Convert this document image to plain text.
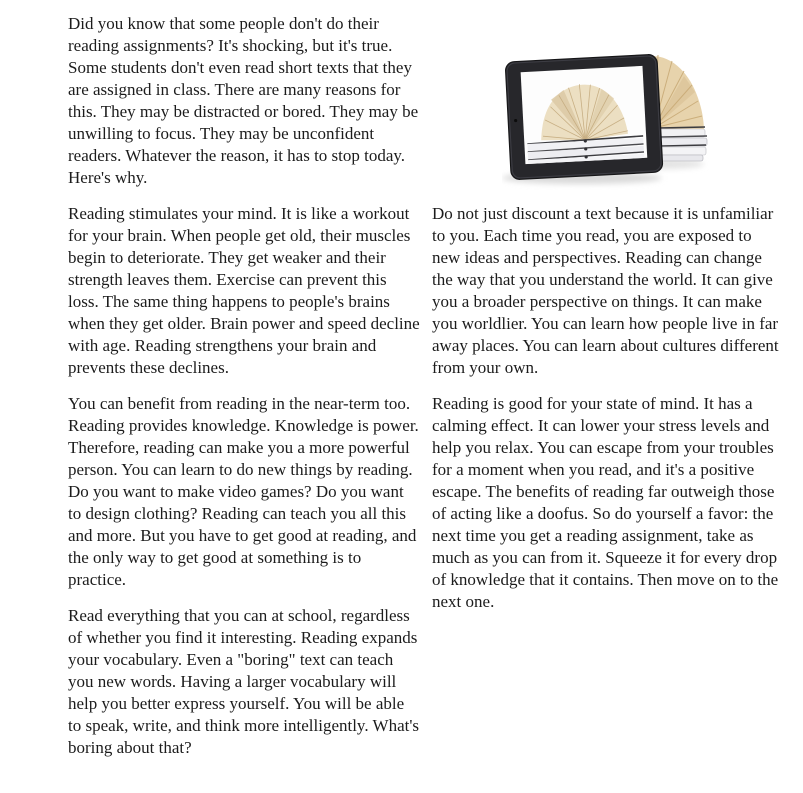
Did you know that some people don't do their reading assignments? It's shocking, but it's true. Some students don't even read short texts that they are assigned in class. There are many reasons for this. They may be distracted or bored. They may be unwilling to focus. They may be unconfident readers. Whatever the reason, it has to stop today. Here's why.

Reading stimulates your mind. It is like a workout for your brain. When people get old, their muscles begin to deteriorate. They get weaker and their strength leaves them. Exercise can prevent this loss. The same thing happens to people's brains when they get older. Brain power and speed decline with age. Reading strengthens your brain and prevents these declines.

You can benefit from reading in the near-term too. Reading provides knowledge. Knowledge is power. Therefore, reading can make you a more powerful person. You can learn to do new things by reading. Do you want to make video games? Do you want to design clothing? Reading can teach you all this and more. But you have to get good at reading, and the only way to get good at something is to practice.

Read everything that you can at school, regardless of whether you find it interesting. Reading expands your vocabulary. Even a "boring" text can teach you new words. Having a larger vocabulary will help you better express yourself. You will be able to speak, write, and think more intelligently. What's boring about that?

Do not just discount a text because it is unfamiliar to you. Each time you read, you are exposed to new ideas and perspectives. Reading can change the way that you understand the world. It can give you a broader perspective on things. It can make you worldlier. You can learn how people live in far away places. You can learn about cultures different from your own.

Reading is good for your state of mind. It has a calming effect. It can lower your stress levels and help you relax. You can escape from your troubles for a moment when you read, and it's a positive escape. The benefits of reading far outweigh those of acting like a doofus. So do yourself a favor: the next time you get a reading assignment, take as much as you can from it. Squeeze it for every drop of knowledge that it contains. Then move on to the next one.
